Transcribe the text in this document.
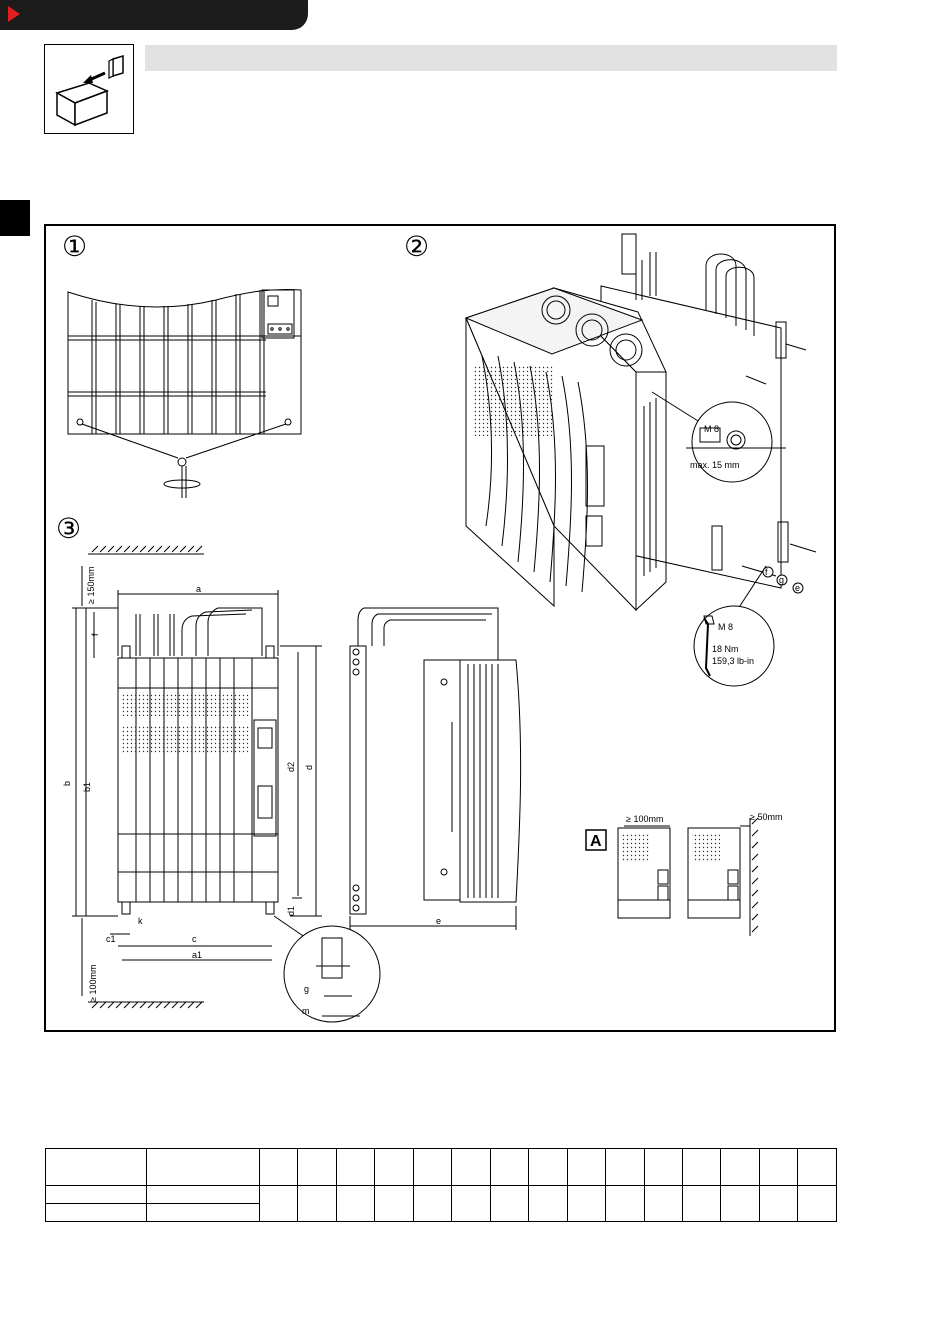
①	②
③
M 8
max. 15 mm
M 8
18 Nm
159,3 lb-in
f
g
e
A
≥ 100mm	≥ 50mm
a
b b1
f
≥ 150mm
≥ 100mm
d
d2
d1
k
c1	c
a1
e
g
m
